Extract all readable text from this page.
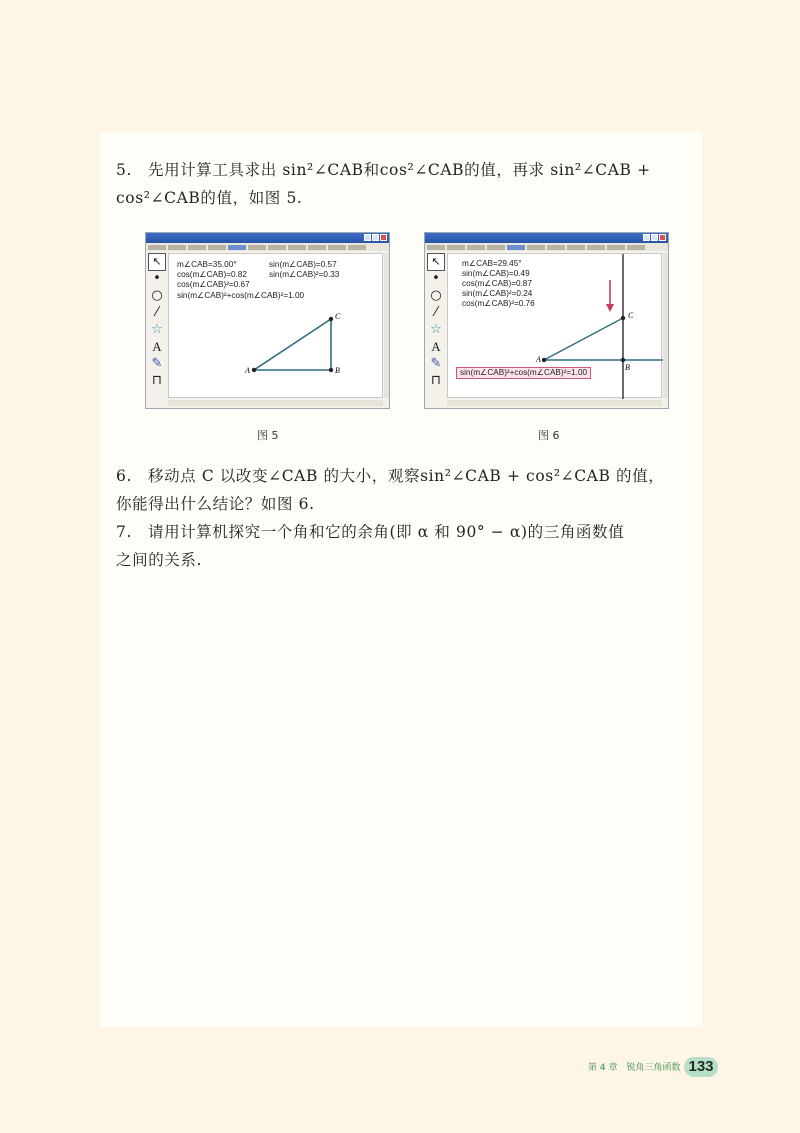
先用计算工具求出 sin²∠CAB和cos²∠CAB的值，再求 sin²∠CAB +
cos²∠CAB的值，如图 5.
5.
↖
•
○
⁄
☆
A
✎
⊓
m∠CAB=35.00°	sin(m∠CAB)=0.57
cos(m∠CAB)=0.82	sin(m∠CAB)²=0.33
cos(m∠CAB)²=0.67
sin(m∠CAB)²+cos(m∠CAB)²=1.00
A	B
C
图 5
↖
•
○
⁄
☆
A
✎
⊓
m∠CAB=29.45°
sin(m∠CAB)=0.49
cos(m∠CAB)=0.87
sin(m∠CAB)²=0.24
cos(m∠CAB)²=0.76
A
B
C
sin(m∠CAB)²+cos(m∠CAB)²=1.00
图 6
6.	移动点 C 以改变∠CAB 的大小，观察sin²∠CAB + cos²∠CAB 的值，
你能得出什么结论？如图 6.
7.	请用计算机探究一个角和它的余角(即 α 和 90° − α)的三角函数值
之间的关系.
第 4 章　锐角三角函数 133
